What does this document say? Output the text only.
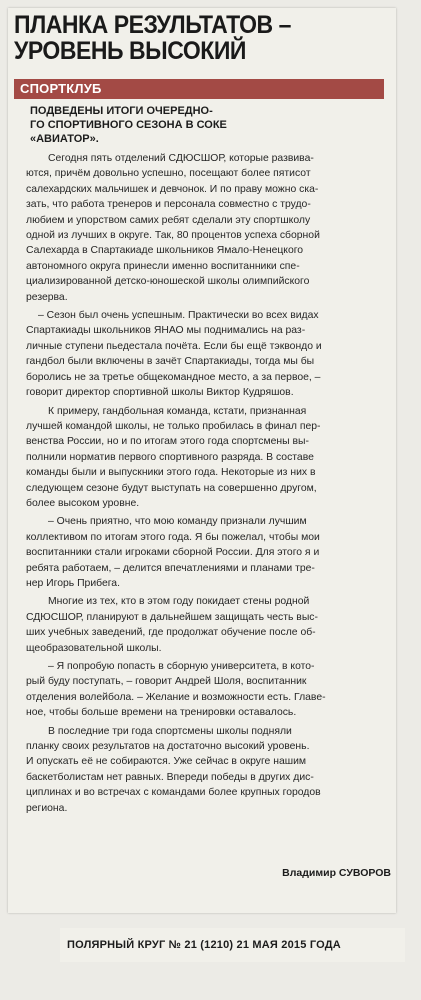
ПЛАНКА РЕЗУЛЬТАТОВ –
УРОВЕНЬ ВЫСОКИЙ
СПОРТКЛУБ
ПОДВЕДЕНЫ ИТОГИ ОЧЕРЕДНО-
ГО СПОРТИВНОГО СЕЗОНА В СОКЕ
«АВИАТОР».
Сегодня пять отделений СДЮСШОР, которые развива-
ются, причём довольно успешно, посещают более пятисот
салехардских мальчишек и девчонок. И по праву можно ска-
зать, что работа тренеров и персонала совместно с трудо-
любием и упорством самих ребят сделали эту спортшколу
одной из лучших в округе. Так, 80 процентов успеха сборной
Салехарда в Спартакиаде школьников Ямало-Ненецкого
автономного округа принесли именно воспитанники спе-
циализированной детско-юношеской школы олимпийского
резерва.
– Сезон был очень успешным. Практически во всех видах
Спартакиады школьников ЯНАО мы поднимались на раз-
личные ступени пьедестала почёта. Если бы ещё тэквондо и
гандбол были включены в зачёт Спартакиады, тогда мы бы
боролись не за третье общекомандное место, а за первое, –
говорит директор спортивной школы Виктор Кудряшов.
К примеру, гандбольная команда, кстати, признанная
лучшей командой школы, не только пробилась в финал пер-
венства России, но и по итогам этого года спортсмены вы-
полнили норматив первого спортивного разряда. В составе
команды были и выпускники этого года. Некоторые из них в
следующем сезоне будут выступать на совершенно другом,
более высоком уровне.
– Очень приятно, что мою команду признали лучшим
коллективом по итогам этого года. Я бы пожелал, чтобы мои
воспитанники стали игроками сборной России. Для этого я и
ребята работаем, – делится впечатлениями и планами тре-
нер Игорь Прибега.
Многие из тех, кто в этом году покидает стены родной
СДЮСШОР, планируют в дальнейшем защищать честь выс-
ших учебных заведений, где продолжат обучение после об-
щеобразовательной школы.
– Я попробую попасть в сборную университета, в кото-
рый буду поступать, – говорит Андрей Шоля, воспитанник
отделения волейбола. – Желание и возможности есть. Главе-
ное, чтобы больше времени на тренировки оставалось.
В последние три года спортсмены школы подняли
планку своих результатов на достаточно высокий уровень.
И опускать её не собираются. Уже сейчас в округе нашим
баскетболистам нет равных. Впереди победы в других дис-
циплинах и во встречах с командами более крупных городов
региона.
Владимир СУВОРОВ
ПОЛЯРНЫЙ КРУГ № 21 (1210) 21 МАЯ 2015 ГОДА
